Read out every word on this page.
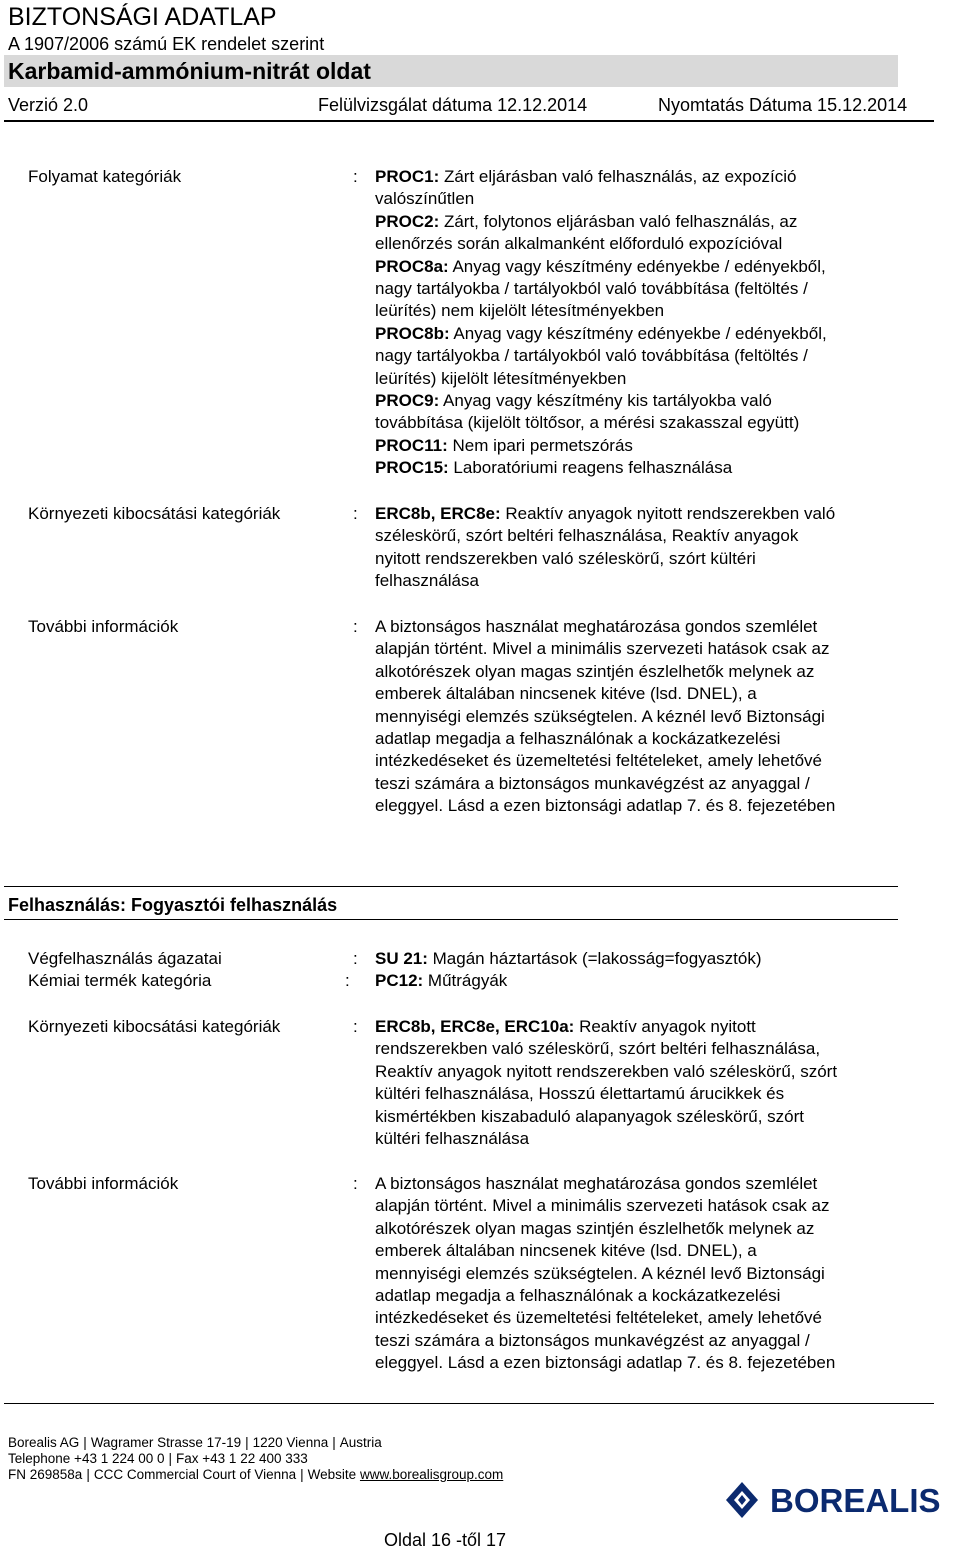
BIZTONSÁGI ADATLAP
A 1907/2006 számú EK rendelet szerint
Karbamid-ammónium-nitrát oldat
Verzió 2.0	Felülvizsgálat dátuma 12.12.2014	Nyomtatás Dátuma 15.12.2014
Folyamat kategóriák	: PROC1: Zárt eljárásban való felhasználás, az expozíció
valószínűtlen
PROC2: Zárt, folytonos eljárásban való felhasználás, az
ellenőrzés során alkalmanként előforduló expozícióval
PROC8a: Anyag vagy készítmény edényekbe / edényekből,
nagy tartályokba / tartályokból való továbbítása (feltöltés /
leürítés) nem kijelölt létesítményekben
PROC8b: Anyag vagy készítmény edényekbe / edényekből,
nagy tartályokba / tartályokból való továbbítása (feltöltés /
leürítés) kijelölt létesítményekben
PROC9: Anyag vagy készítmény kis tartályokba való
továbbítása (kijelölt töltősor, a mérési szakasszal együtt)
PROC11: Nem ipari permetszórás
PROC15: Laboratóriumi reagens felhasználása
Környezeti kibocsátási kategóriák	: ERC8b, ERC8e: Reaktív anyagok nyitott rendszerekben való
széleskörű, szórt beltéri felhasználása, Reaktív anyagok
nyitott rendszerekben való széleskörű, szórt kültéri
felhasználása
További információk	: A biztonságos használat meghatározása gondos szemlélet
alapján történt. Mivel a minimális szervezeti hatások csak az
alkotórészek olyan magas szintjén észlelhetők melynek az
emberek általában nincsenek kitéve (lsd. DNEL), a
mennyiségi elemzés szükségtelen. A kéznél levő Biztonsági
adatlap megadja a felhasználónak a kockázatkezelési
intézkedéseket és üzemeltetési feltételeket, amely lehetővé
teszi számára a biztonságos munkavégzést az anyaggal /
eleggyel. Lásd a ezen biztonsági adatlap 7. és 8. fejezetében
Felhasználás: Fogyasztói felhasználás
Végfelhasználás ágazatai	: SU 21: Magán háztartások (=lakosság=fogyasztók)
Kémiai termék kategória	: PC12: Műtrágyák
Környezeti kibocsátási kategóriák	: ERC8b, ERC8e, ERC10a: Reaktív anyagok nyitott
rendszerekben való széleskörű, szórt beltéri felhasználása,
Reaktív anyagok nyitott rendszerekben való széleskörű, szórt
kültéri felhasználása, Hosszú élettartamú árucikkek és
kismértékben kiszabaduló alapanyagok széleskörű, szórt
kültéri felhasználása
További információk	: A biztonságos használat meghatározása gondos szemlélet
alapján történt. Mivel a minimális szervezeti hatások csak az
alkotórészek olyan magas szintjén észlelhetők melynek az
emberek általában nincsenek kitéve (lsd. DNEL), a
mennyiségi elemzés szükségtelen. A kéznél levő Biztonsági
adatlap megadja a felhasználónak a kockázatkezelési
intézkedéseket és üzemeltetési feltételeket, amely lehetővé
teszi számára a biztonságos munkavégzést az anyaggal /
eleggyel. Lásd a ezen biztonsági adatlap 7. és 8. fejezetében
Borealis AG | Wagramer Strasse 17-19 | 1220 Vienna | Austria
Telephone +43 1 224 00 0 | Fax +43 1 22 400 333
FN 269858a | CCC Commercial Court of Vienna | Website www.borealisgroup.com
BOREALIS
Oldal 16 -től 17
